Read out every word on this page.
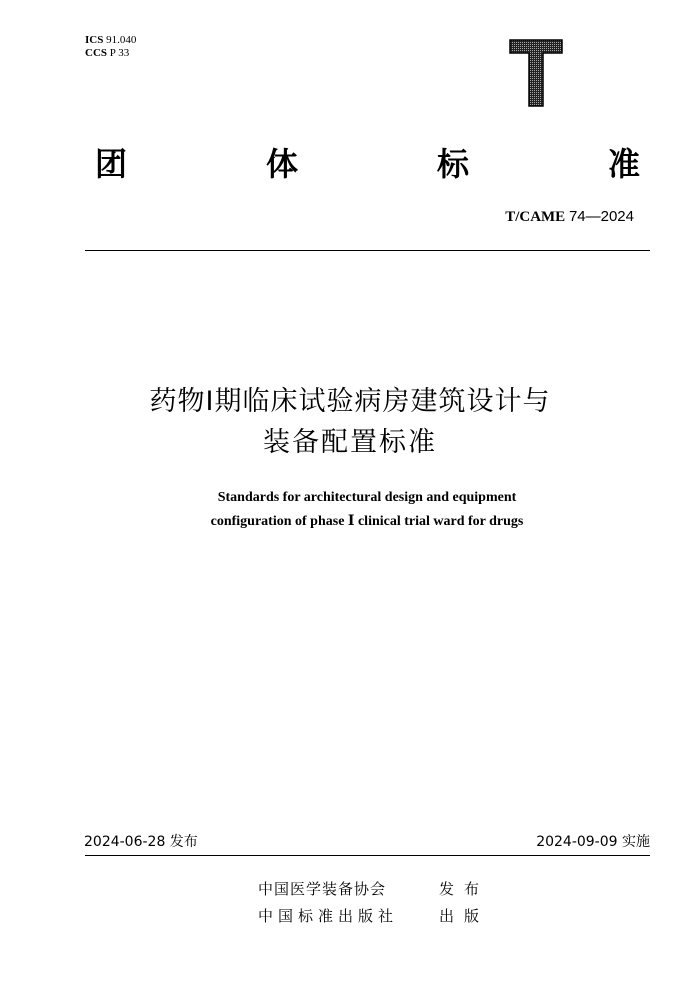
ICS 91.040
CCS P 33
团	体	标	准
T/CAME 74—2024
药物Ⅰ期临床试验病房建筑设计与
装备配置标准
Standards for architectural design and equipment
configuration of phase Ⅰ clinical trial ward for drugs
2024-06-28 发布	2024-09-09 实施
中国医学装备协会	发布
中国标准出版社	出版
